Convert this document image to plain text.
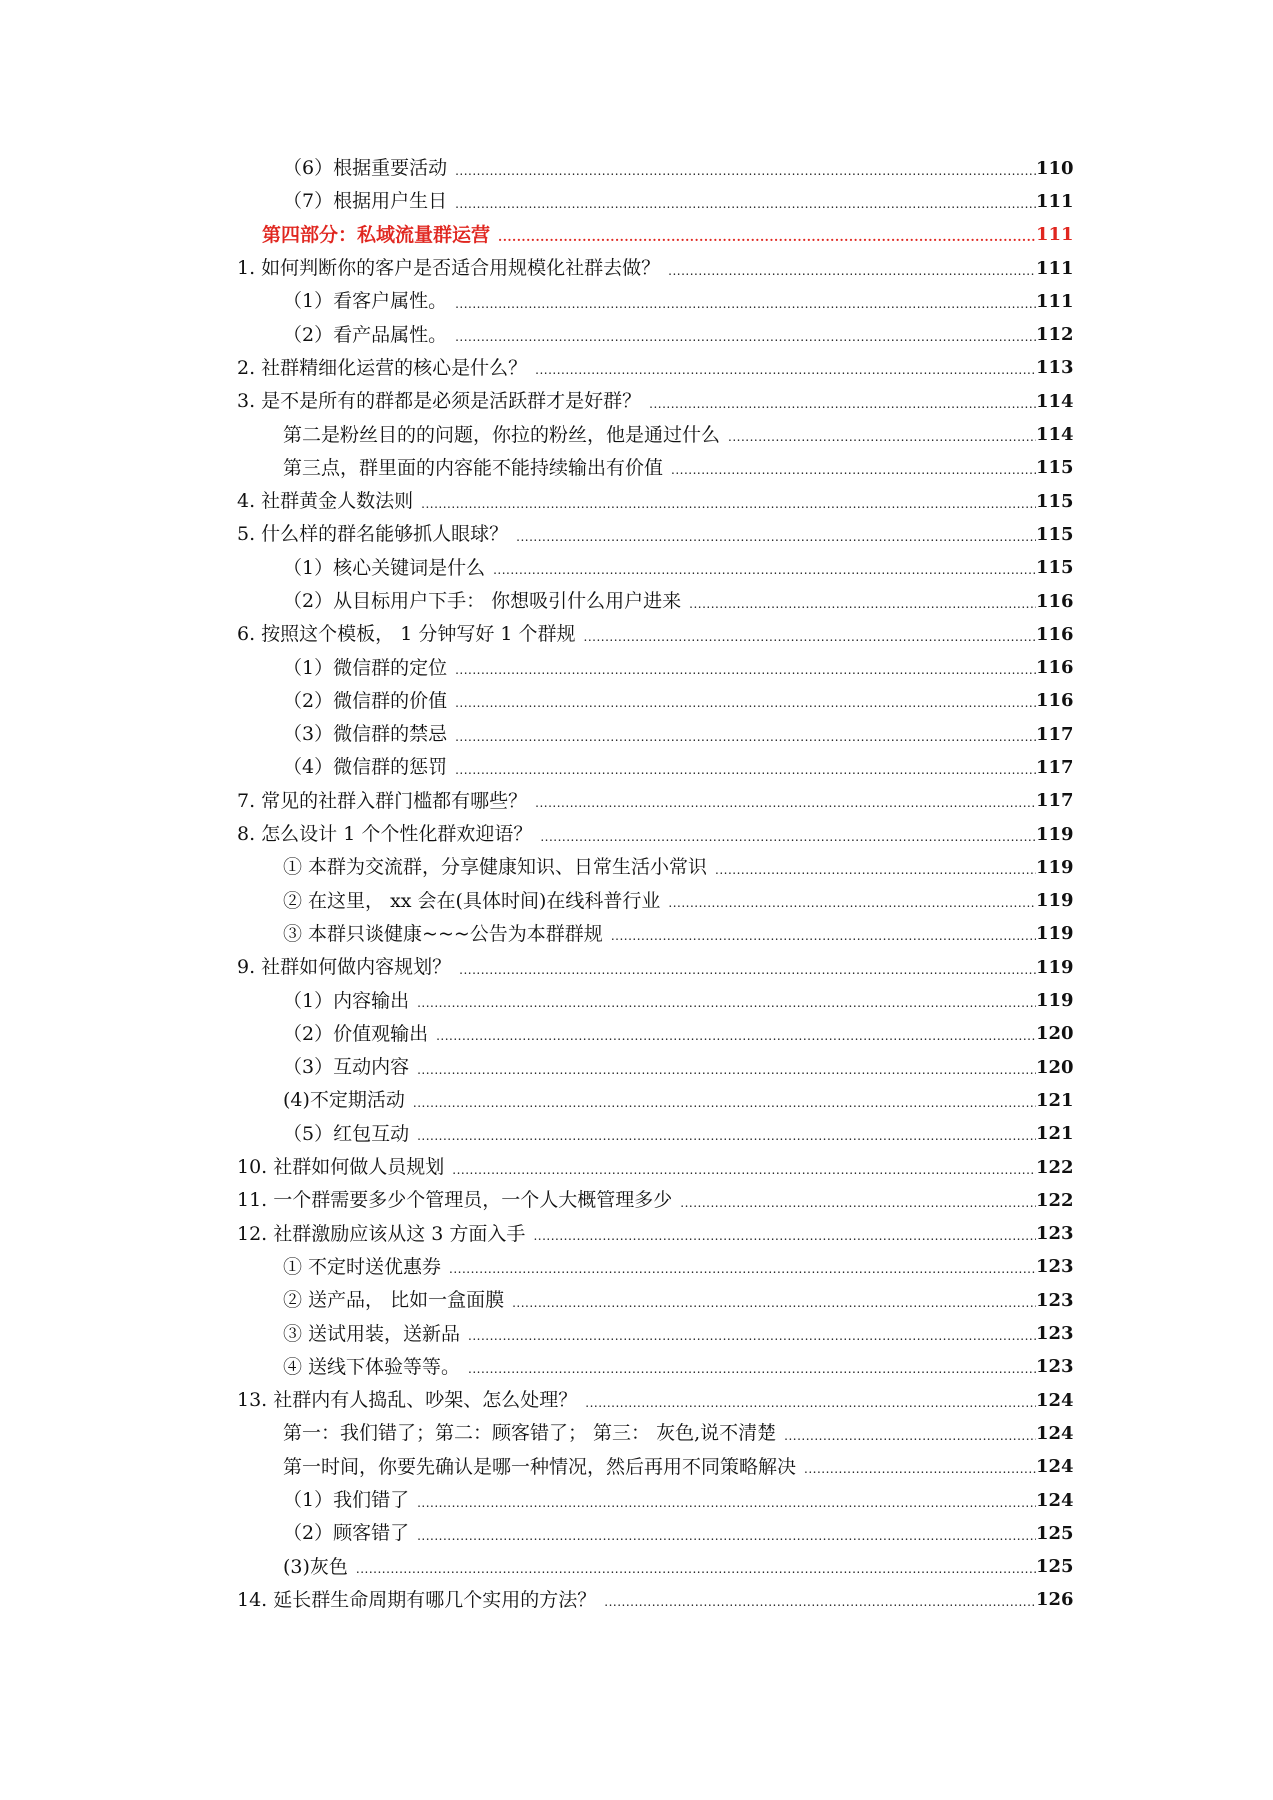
（6）根据重要活动 .....	110
（7）根据用户生日 .....	111
第四部分：私域流量群运营 .....	111
1. 如何判断你的客户是否适合用规模化社群去做？ .....	111
（1）看客户属性。 .....	111
（2）看产品属性。 .....	112
2. 社群精细化运营的核心是什么？ .....	113
3. 是不是所有的群都是必须是活跃群才是好群？ .....	114
第二是粉丝目的的问题，你拉的粉丝，他是通过什么 .....	114
第三点，群里面的内容能不能持续输出有价值 .....	115
4. 社群黄金人数法则 .....	115
5. 什么样的群名能够抓人眼球？ .....	115
（1）核心关键词是什么 .....	115
（2）从目标用户下手： 你想吸引什么用户进来 .....	116
6. 按照这个模板， 1 分钟写好 1 个群规 .....	116
（1）微信群的定位 .....	116
（2）微信群的价值 .....	116
（3）微信群的禁忌 .....	117
（4）微信群的惩罚 .....	117
7. 常见的社群入群门槛都有哪些？ .....	117
8. 怎么设计 1 个个性化群欢迎语？ .....	119
① 本群为交流群，分享健康知识、日常生活小常识 .....	119
② 在这里， xx 会在(具体时间)在线科普行业 .....	119
③ 本群只谈健康~~~公告为本群群规 .....	119
9. 社群如何做内容规划？ .....	119
（1）内容输出 .....	119
（2）价值观输出 .....	120
（3）互动内容 .....	120
(4)不定期活动 .....	121
（5）红包互动 .....	121
10. 社群如何做人员规划 .....	122
11. 一个群需要多少个管理员，一个人大概管理多少 .....	122
12. 社群激励应该从这 3 方面入手 .....	123
① 不定时送优惠券 .....	123
② 送产品， 比如一盒面膜 .....	123
③ 送试用装，送新品 .....	123
④ 送线下体验等等。 .....	123
13. 社群内有人捣乱、吵架、怎么处理？ .....	124
第一：我们错了；第二：顾客错了； 第三： 灰色,说不清楚 .....	124
第一时间，你要先确认是哪一种情况，然后再用不同策略解决 .....	124
（1）我们错了 .....	124
（2）顾客错了 .....	125
(3)灰色 .....	125
14. 延长群生命周期有哪几个实用的方法？ .....	126
